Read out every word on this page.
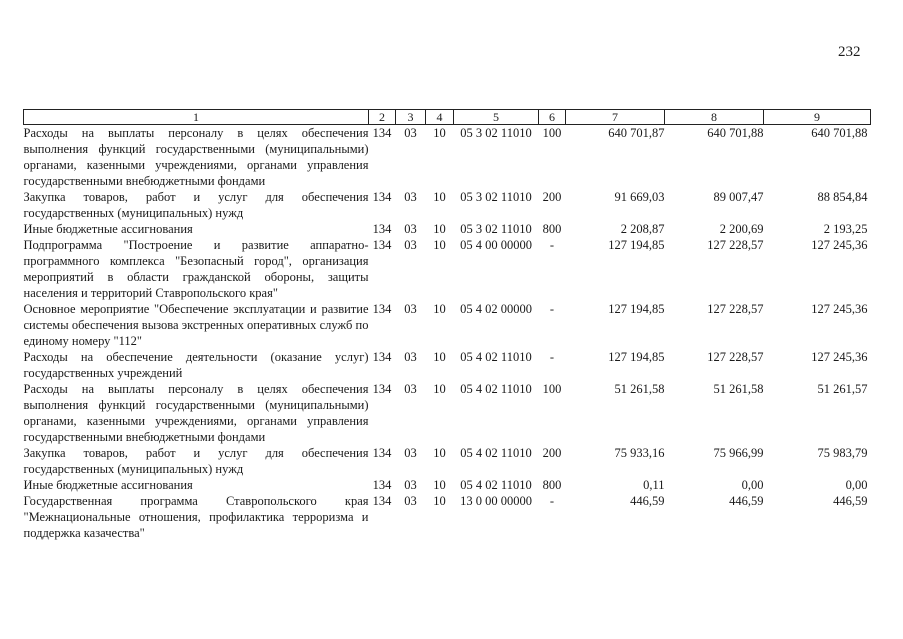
232
1	2	3	4	5	6	7	8	9
Расходы на выплаты персоналу в целях обеспечения выполнения функций государственными (муниципальными) органами, казенными учреждениями, органами управления государственными внебюджетными фондами	134	03	10	05 3 02 11010	100	640 701,87	640 701,88	640 701,88
Закупка товаров, работ и услуг для обеспечения государственных (муниципальных) нужд	134	03	10	05 3 02 11010	200	91 669,03	89 007,47	88 854,84
Иные бюджетные ассигнования	134	03	10	05 3 02 11010	800	2 208,87	2 200,69	2 193,25
Подпрограмма "Построение и развитие аппаратно-программного комплекса "Безопасный город", организация мероприятий в области гражданской обороны, защиты населения и территорий Ставропольского края"	134	03	10	05 4 00 00000	-	127 194,85	127 228,57	127 245,36
Основное мероприятие "Обеспечение эксплуатации и развитие системы обеспечения вызова экстренных оперативных служб по единому номеру "112"	134	03	10	05 4 02 00000	-	127 194,85	127 228,57	127 245,36
Расходы на обеспечение деятельности (оказание услуг) государственных учреждений	134	03	10	05 4 02 11010	-	127 194,85	127 228,57	127 245,36
Расходы на выплаты персоналу в целях обеспечения выполнения функций государственными (муниципальными) органами, казенными учреждениями, органами управления государственными внебюджетными фондами	134	03	10	05 4 02 11010	100	51 261,58	51 261,58	51 261,57
Закупка товаров, работ и услуг для обеспечения государственных (муниципальных) нужд	134	03	10	05 4 02 11010	200	75 933,16	75 966,99	75 983,79
Иные бюджетные ассигнования	134	03	10	05 4 02 11010	800	0,11	0,00	0,00
Государственная программа Ставропольского края "Межнациональные отношения, профилактика терроризма и поддержка казачества"	134	03	10	13 0 00 00000	-	446,59	446,59	446,59
